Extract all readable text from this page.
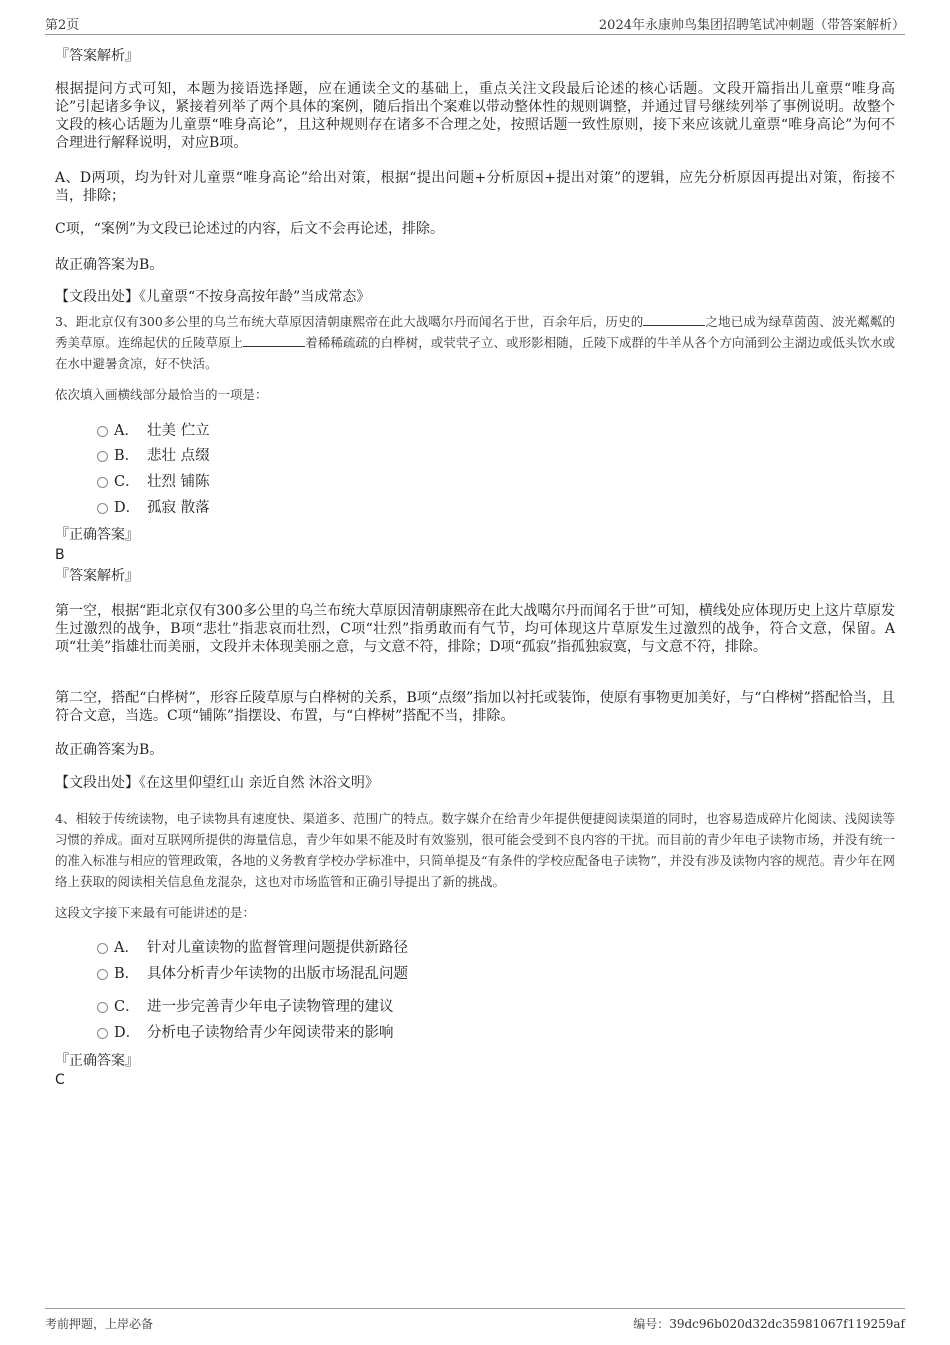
第2页	2024年永康帅鸟集团招聘笔试冲刺题（带答案解析）
『答案解析』

根据提问方式可知，本题为接语选择题，应在通读全文的基础上，重点关注文段最后论述的核心话题。文段开篇指出儿童票“唯身高论”引起诸多争议，紧接着列举了两个具体的案例，随后指出个案难以带动整体性的规则调整，并通过冒号继续列举了事例说明。故整个文段的核心话题为儿童票“唯身高论”，且这种规则存在诸多不合理之处，按照话题一致性原则，接下来应该就儿童票“唯身高论”为何不合理进行解释说明，对应B项。

A、D两项，均为针对儿童票“唯身高论”给出对策，根据“提出问题+分析原因+提出对策”的逻辑，应先分析原因再提出对策，衔接不当，排除；

C项，“案例”为文段已论述过的内容，后文不会再论述，排除。

故正确答案为B。

【文段出处】《儿童票“不按身高按年龄”当成常态》

3、距北京仅有300多公里的乌兰布统大草原因清朝康熙帝在此大战噶尔丹而闻名于世，百余年后，历史的	之地已成为绿草茵茵、波光粼粼的秀美草原。连绵起伏的丘陵草原上	着稀稀疏疏的白桦树，或茕茕孑立、或形影相随，丘陵下成群的牛羊从各个方向涌到公主湖边或低头饮水或在水中避暑贪凉，好不快活。

依次填入画横线部分最恰当的一项是：
A． 壮美 伫立
B． 悲壮 点缀
C． 壮烈 铺陈
D． 孤寂 散落
『正确答案』
B
『答案解析』

第一空，根据“距北京仅有300多公里的乌兰布统大草原因清朝康熙帝在此大战噶尔丹而闻名于世”可知，横线处应体现历史上这片草原发生过激烈的战争，B项“悲壮”指悲哀而壮烈，C项“壮烈”指勇敢而有气节，均可体现这片草原发生过激烈的战争，符合文意，保留。A项“壮美”指雄壮而美丽，文段并未体现美丽之意，与文意不符，排除；D项“孤寂”指孤独寂寞，与文意不符，排除。

第二空，搭配“白桦树”，形容丘陵草原与白桦树的关系，B项“点缀”指加以衬托或装饰，使原有事物更加美好，与“白桦树”搭配恰当，且符合文意，当选。C项“铺陈”指摆设、布置，与“白桦树”搭配不当，排除。

故正确答案为B。

【文段出处】《在这里仰望红山 亲近自然 沐浴文明》

4、相较于传统读物，电子读物具有速度快、渠道多、范围广的特点。数字媒介在给青少年提供便捷阅读渠道的同时，也容易造成碎片化阅读、浅阅读等习惯的养成。面对互联网所提供的海量信息，青少年如果不能及时有效鉴别，很可能会受到不良内容的干扰。而目前的青少年电子读物市场，并没有统一的准入标准与相应的管理政策，各地的义务教育学校办学标准中，只简单提及“有条件的学校应配备电子读物”，并没有涉及读物内容的规范。青少年在网络上获取的阅读相关信息鱼龙混杂，这也对市场监管和正确引导提出了新的挑战。

这段文字接下来最有可能讲述的是：
A． 针对儿童读物的监督管理问题提供新路径
B． 具体分析青少年读物的出版市场混乱问题
C． 进一步完善青少年电子读物管理的建议
D． 分析电子读物给青少年阅读带来的影响
『正确答案』
C
考前押题，上岸必备	编号：39dc96b020d32dc35981067f119259af
